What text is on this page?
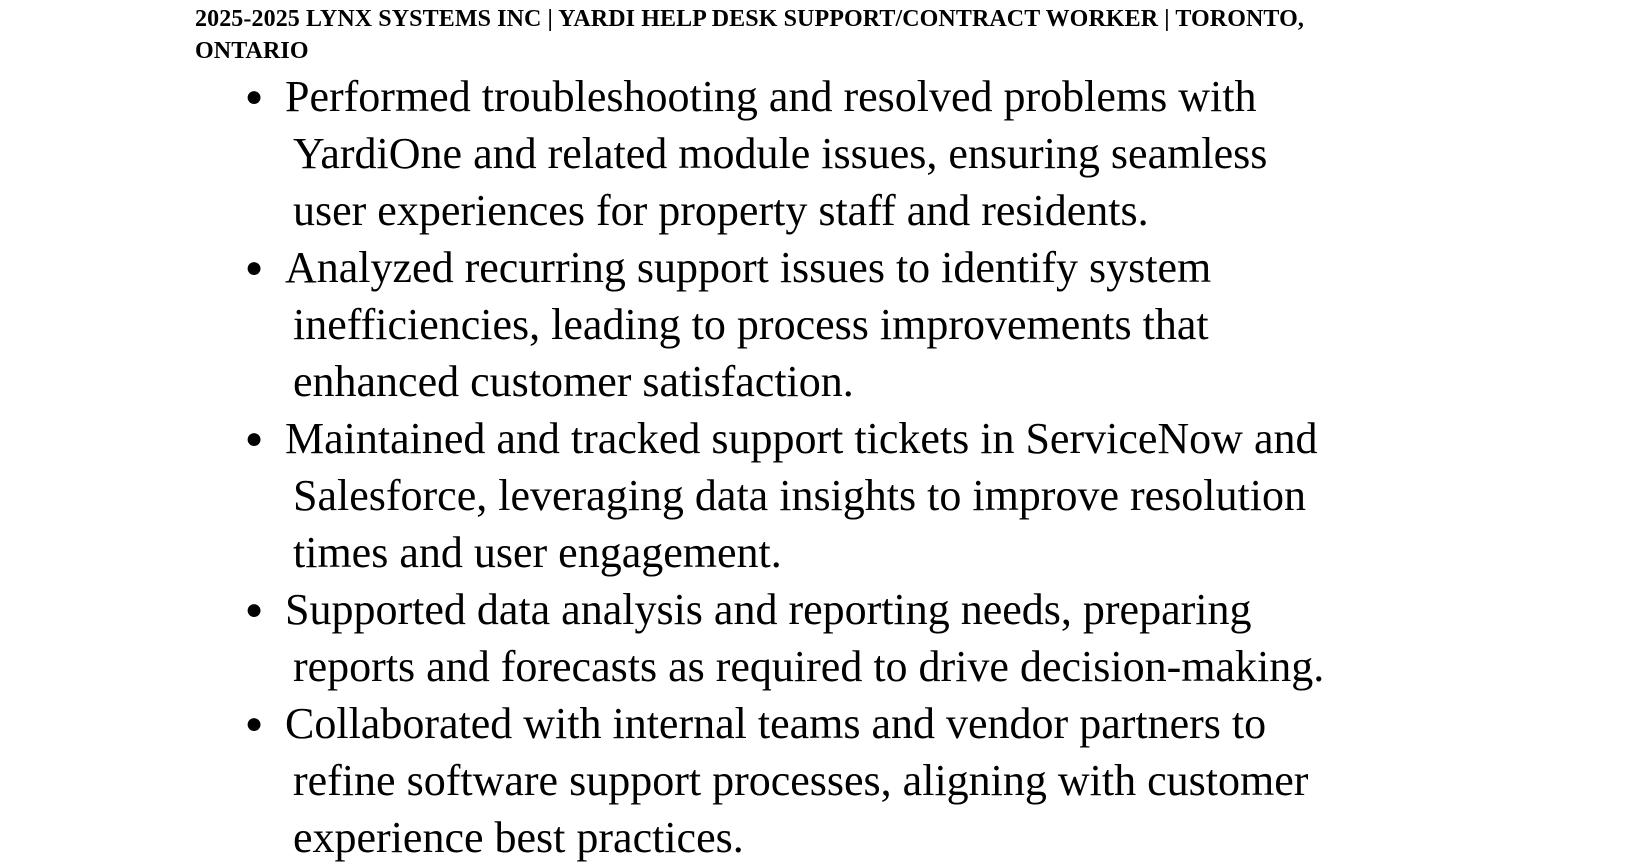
2025-2025 LYNX SYSTEMS INC | YARDI HELP DESK SUPPORT/CONTRACT WORKER | TORONTO,
ONTARIO
● Performed troubleshooting and resolved problems with
YardiOne and related module issues, ensuring seamless
user experiences for property staff and residents.
● Analyzed recurring support issues to identify system
inefficiencies, leading to process improvements that
enhanced customer satisfaction.
● Maintained and tracked support tickets in ServiceNow and
Salesforce, leveraging data insights to improve resolution
times and user engagement.
● Supported data analysis and reporting needs, preparing
reports and forecasts as required to drive decision-making.
● Collaborated with internal teams and vendor partners to
refine software support processes, aligning with customer
experience best practices.
